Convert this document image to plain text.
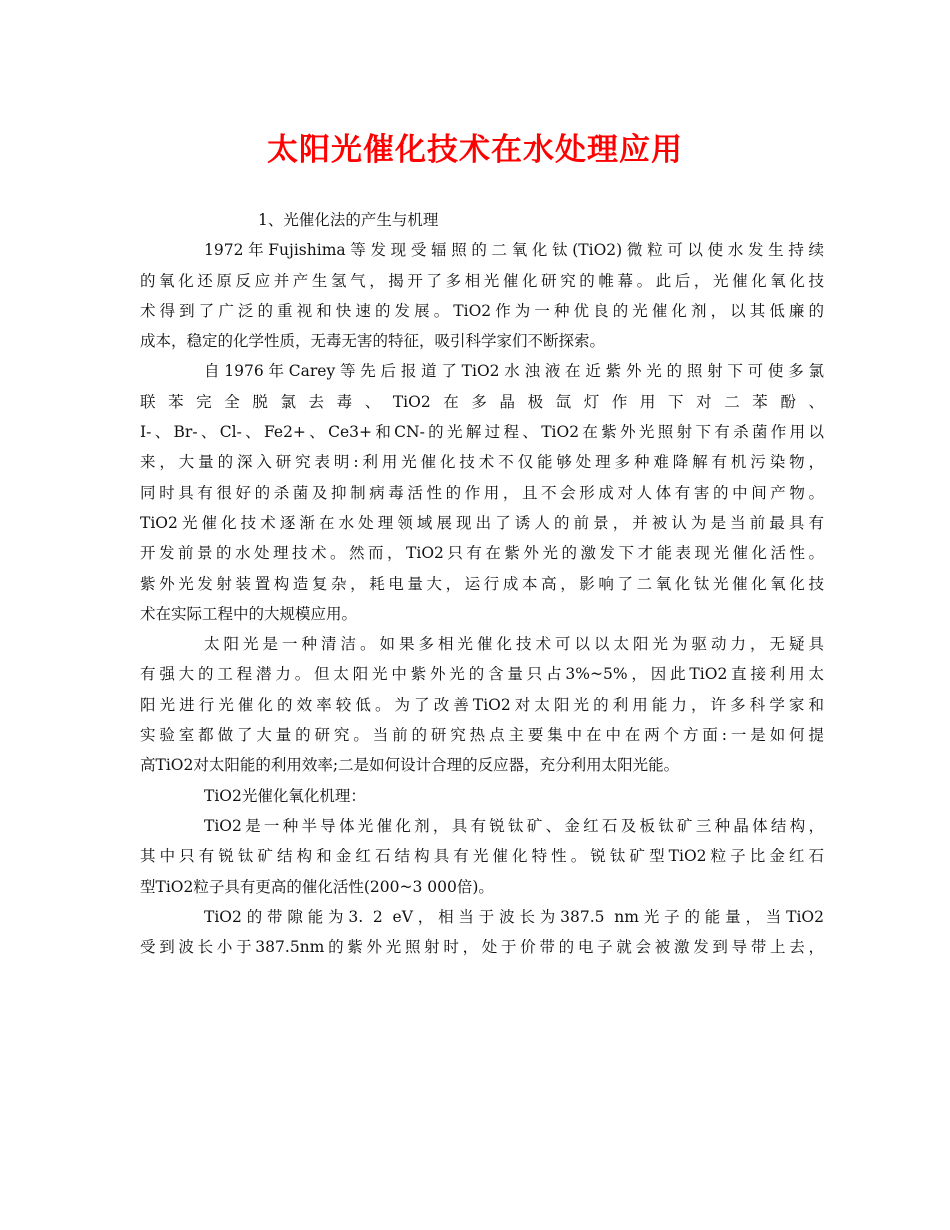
太阳光催化技术在水处理应用
1、光催化法的产生与机理
1972年Fujishima等发现受辐照的二氧化钛(TiO2)微粒可以使水发生持续
的氧化还原反应并产生氢气，揭开了多相光催化研究的帷幕。此后，光催化氧化技
术得到了广泛的重视和快速的发展。TiO2作为一种优良的光催化剂，以其低廉的
成本，稳定的化学性质，无毒无害的特征，吸引科学家们不断探索。
自1976年Carey等先后报道了TiO2水浊液在近紫外光的照射下可使多氯
联苯完全脱氯去毒、TiO2在多晶极氙灯作用下对二苯酚、
I-、Br-、Cl-、Fe2+、Ce3+和CN-的光解过程、TiO2在紫外光照射下有杀菌作用以
来，大量的深入研究表明:利用光催化技术不仅能够处理多种难降解有机污染物，
同时具有很好的杀菌及抑制病毒活性的作用，且不会形成对人体有害的中间产物。
TiO2光催化技术逐渐在水处理领域展现出了诱人的前景，并被认为是当前最具有
开发前景的水处理技术。然而，TiO2只有在紫外光的激发下才能表现光催化活性。
紫外光发射装置构造复杂，耗电量大，运行成本高，影响了二氧化钛光催化氧化技
术在实际工程中的大规模应用。
太阳光是一种清洁。如果多相光催化技术可以以太阳光为驱动力，无疑具
有强大的工程潜力。但太阳光中紫外光的含量只占3%~5%，因此TiO2直接利用太
阳光进行光催化的效率较低。为了改善TiO2对太阳光的利用能力，许多科学家和
实验室都做了大量的研究。当前的研究热点主要集中在中在两个方面:一是如何提
高TiO2对太阳能的利用效率;二是如何设计合理的反应器，充分利用太阳光能。
TiO2光催化氧化机理：
TiO2是一种半导体光催化剂，具有锐钛矿、金红石及板钛矿三种晶体结构，
其中只有锐钛矿结构和金红石结构具有光催化特性。锐钛矿型TiO2粒子比金红石
型TiO2粒子具有更高的催化活性(200~3 000倍)。
TiO2的带隙能为3. 2 eV，相当于波长为387.5 nm光子的能量，当TiO2
受到波长小于387.5nm的紫外光照射时，处于价带的电子就会被激发到导带上去，
